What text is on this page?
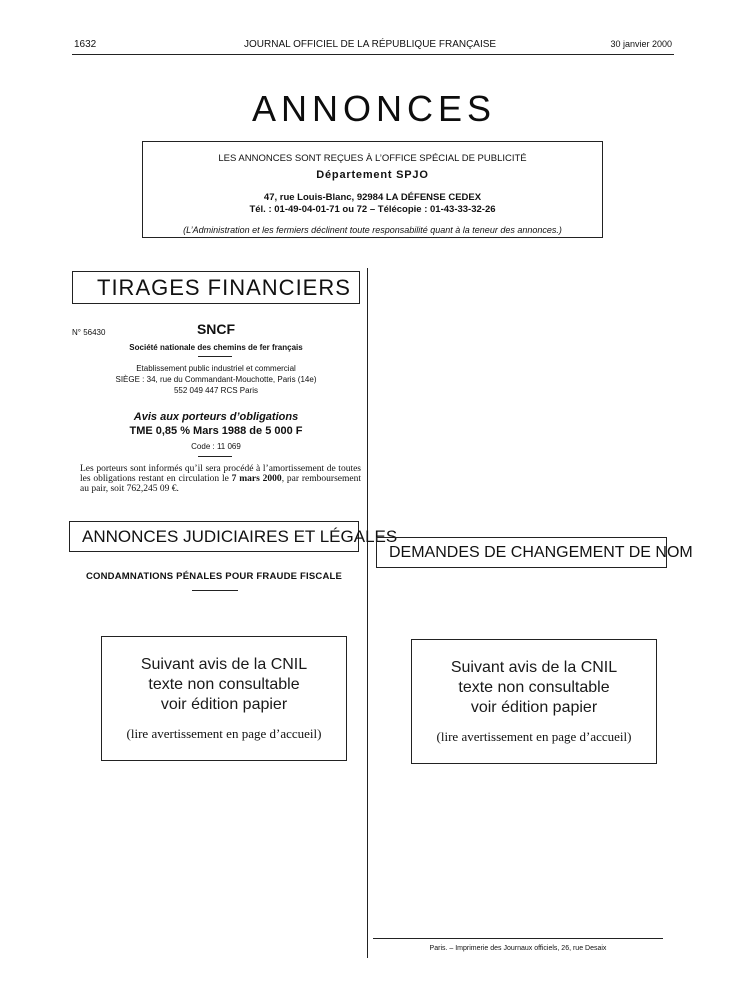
1632	JOURNAL OFFICIEL DE LA RÉPUBLIQUE FRANÇAISE	30 janvier 2000
ANNONCES
LES ANNONCES SONT REÇUES À L’OFFICE SPÉCIAL DE PUBLICITÉ
Département SPJO
47, rue Louis-Blanc, 92984 LA DÉFENSE CEDEX
Tél. : 01-49-04-01-71 ou 72 – Télécopie : 01-43-33-32-26
(L’Administration et les fermiers déclinent toute responsabilité quant à la teneur des annonces.)
TIRAGES FINANCIERS
N° 56430	SNCF
Société nationale des chemins de fer français
Etablissement public industriel et commercial
SIÈGE : 34, rue du Commandant-Mouchotte, Paris (14e)
552 049 447 RCS Paris
Avis aux porteurs d’obligations
TME 0,85 % Mars 1988 de 5 000 F
Code : 11 069

Les porteurs sont informés qu’il sera procédé à l’amortissement de toutes les obligations restant en circulation le 7 mars 2000, par remboursement au pair, soit 762,245 09 €.

ANNONCES JUDICIAIRES ET LÉGALES
CONDAMNATIONS PÉNALES POUR FRAUDE FISCALE
Suivant avis de la CNIL
texte non consultable
voir édition papier
(lire avertissement en page d’accueil)
DEMANDES DE CHANGEMENT DE NOM
Suivant avis de la CNIL
texte non consultable
voir édition papier
(lire avertissement en page d’accueil)
Paris. – Imprimerie des Journaux officiels, 26, rue Desaix
